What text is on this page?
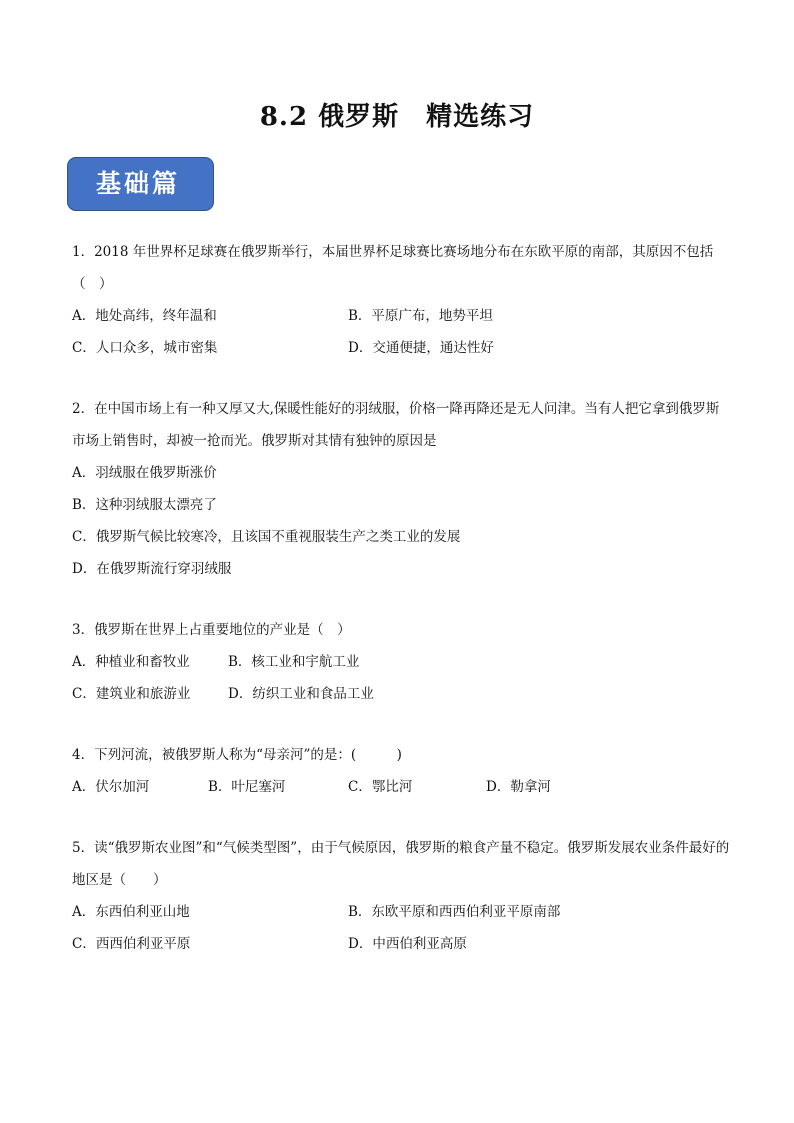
8.2 俄罗斯　精选练习
基础篇
1．2018 年世界杯足球赛在俄罗斯举行，本届世界杯足球赛比赛场地分布在东欧平原的南部，其原因不包括（　）
A．地处高纬，终年温和	B．平原广布，地势平坦
C．人口众多，城市密集	D．交通便捷，通达性好
2．在中国市场上有一种又厚又大,保暖性能好的羽绒服，价格一降再降还是无人问津。当有人把它拿到俄罗斯市场上销售时，却被一抢而光。俄罗斯对其情有独钟的原因是
A．羽绒服在俄罗斯涨价
B．这种羽绒服太漂亮了
C．俄罗斯气候比较寒冷，且该国不重视服装生产之类工业的发展
D．在俄罗斯流行穿羽绒服
3．俄罗斯在世界上占重要地位的产业是（　）
A．种植业和畜牧业	B．核工业和宇航工业
C．建筑业和旅游业	D．纺织工业和食品工业
4．下列河流，被俄罗斯人称为“母亲河”的是：(　　　)
A．伏尔加河	B．叶尼塞河	C．鄂比河	D．勒拿河
5．读“俄罗斯农业图”和“气候类型图”，由于气候原因，俄罗斯的粮食产量不稳定。俄罗斯发展农业条件最好的地区是（　　）
A．东西伯利亚山地	B．东欧平原和西西伯利亚平原南部
C．西西伯利亚平原	D．中西伯利亚高原
